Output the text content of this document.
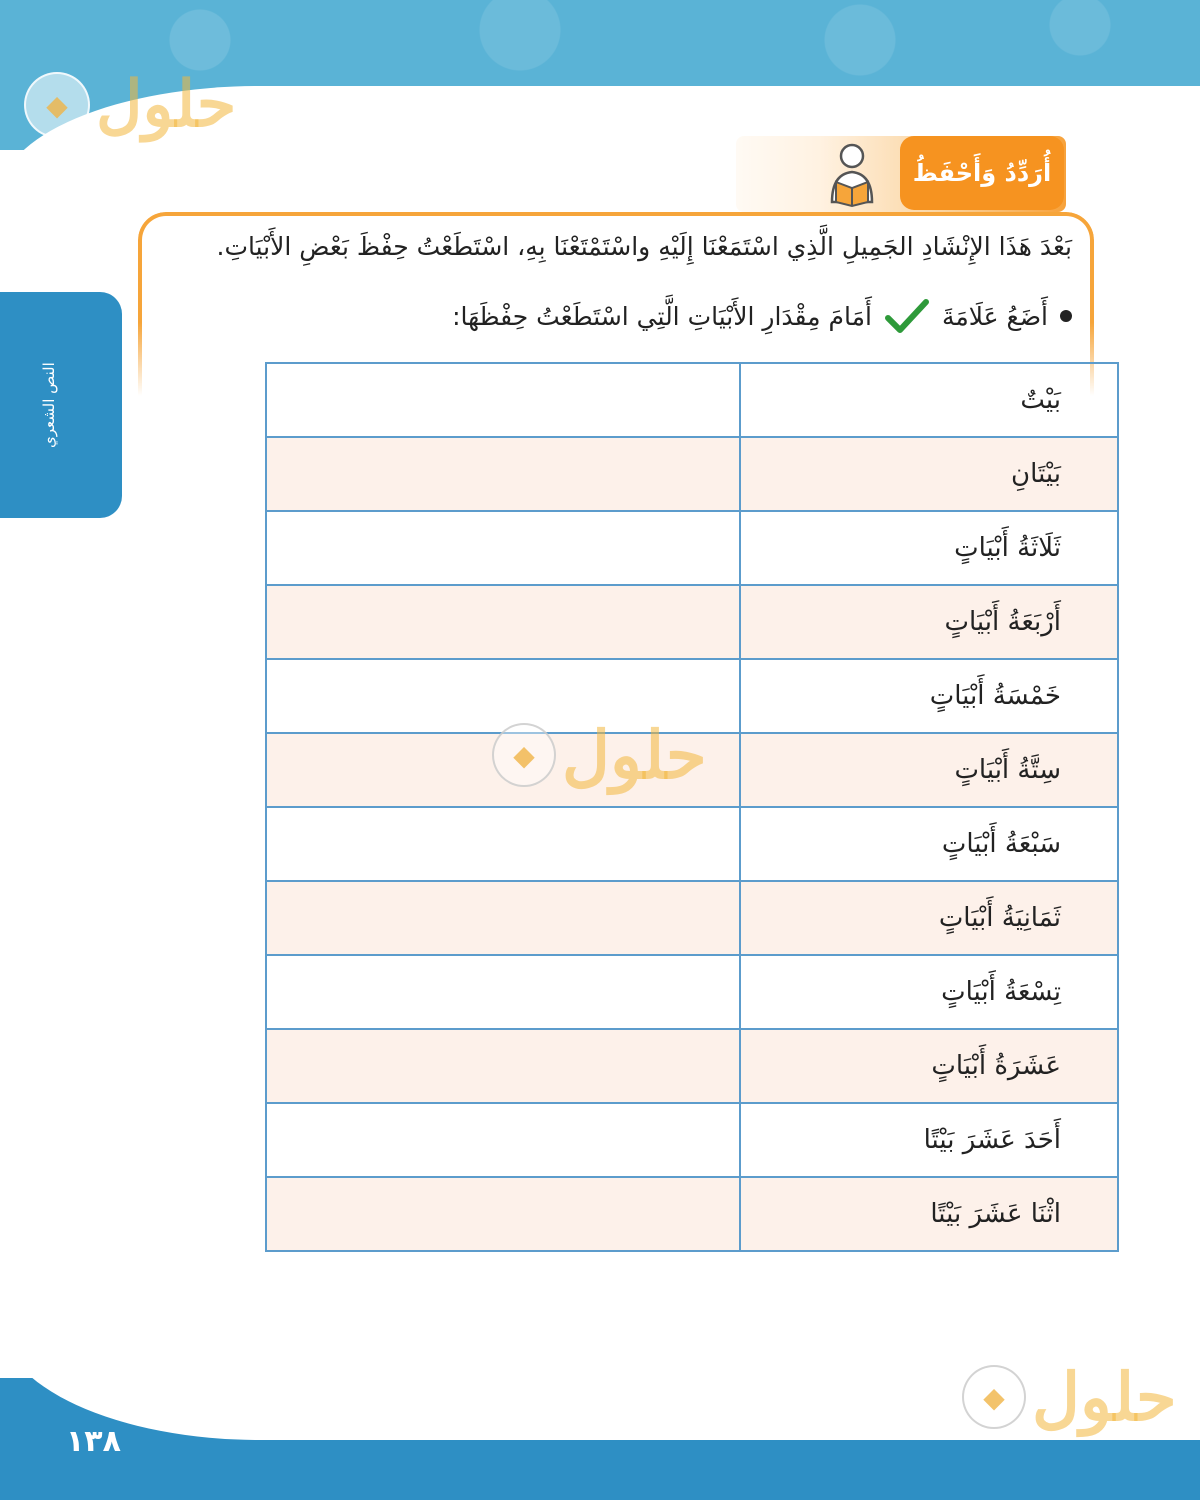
◆ حلول
النص الشعري
أُرَدِّدُ وَأَحْفَظُ
بَعْدَ هَذَا الإِنْشَادِ الجَمِيلِ الَّذِي اسْتَمَعْنَا إِلَيْهِ واسْتَمْتَعْنَا بِهِ، اسْتَطَعْتُ حِفْظَ بَعْضِ الأَبْيَاتِ.
أَضَعُ عَلَامَةَ
أَمَامَ مِقْدَارِ الأَبْيَاتِ الَّتِي اسْتَطَعْتُ حِفْظَهَا:
بَيْتٌ	
بَيْتَانِ	
ثَلَاثَةُ أَبْيَاتٍ	
أَرْبَعَةُ أَبْيَاتٍ	
خَمْسَةُ أَبْيَاتٍ	
سِتَّةُ أَبْيَاتٍ	
سَبْعَةُ أَبْيَاتٍ	
ثَمَانِيَةُ أَبْيَاتٍ	
تِسْعَةُ أَبْيَاتٍ	
عَشَرَةُ أَبْيَاتٍ	
أَحَدَ عَشَرَ بَيْتًا	
اثْنَا عَشَرَ بَيْتًا	
◆ حلول
١٣٨
◆ حلول
